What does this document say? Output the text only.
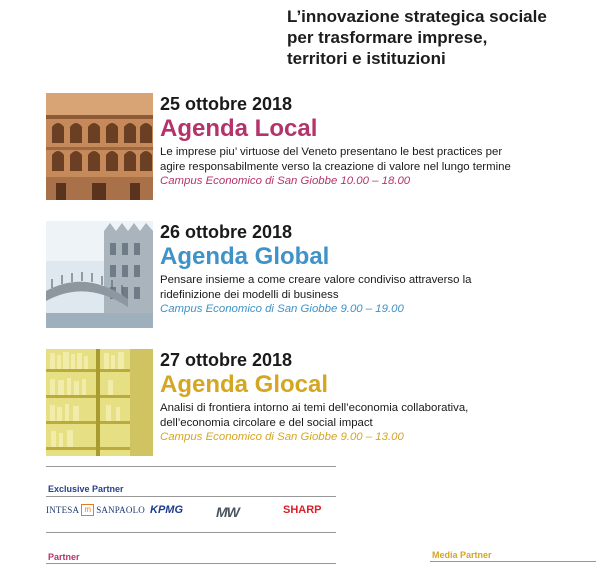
L’innovazione strategica sociale
per trasformare imprese,
territori e istituzioni
25 ottobre 2018
Agenda Local
Le imprese piu’ virtuose del Veneto presentano le best practices per
agire responsabilmente verso la creazione di valore nel lungo termine
Campus Economico di San Giobbe 10.00 – 18.00
26 ottobre 2018
Agenda Global
Pensare insieme a come creare valore condiviso attraverso la
ridefinizione dei modelli di business
Campus Economico di San Giobbe 9.00 – 19.00
27 ottobre 2018
Agenda Glocal
Analisi di frontiera intorno ai temi dell’economia collaborativa,
dell’economia circolare e del social impact
Campus Economico di San Giobbe 9.00 – 13.00
Exclusive Partner
INTESA m SANPAOLO KPMG MW	SHARP
Partner	Media Partner
